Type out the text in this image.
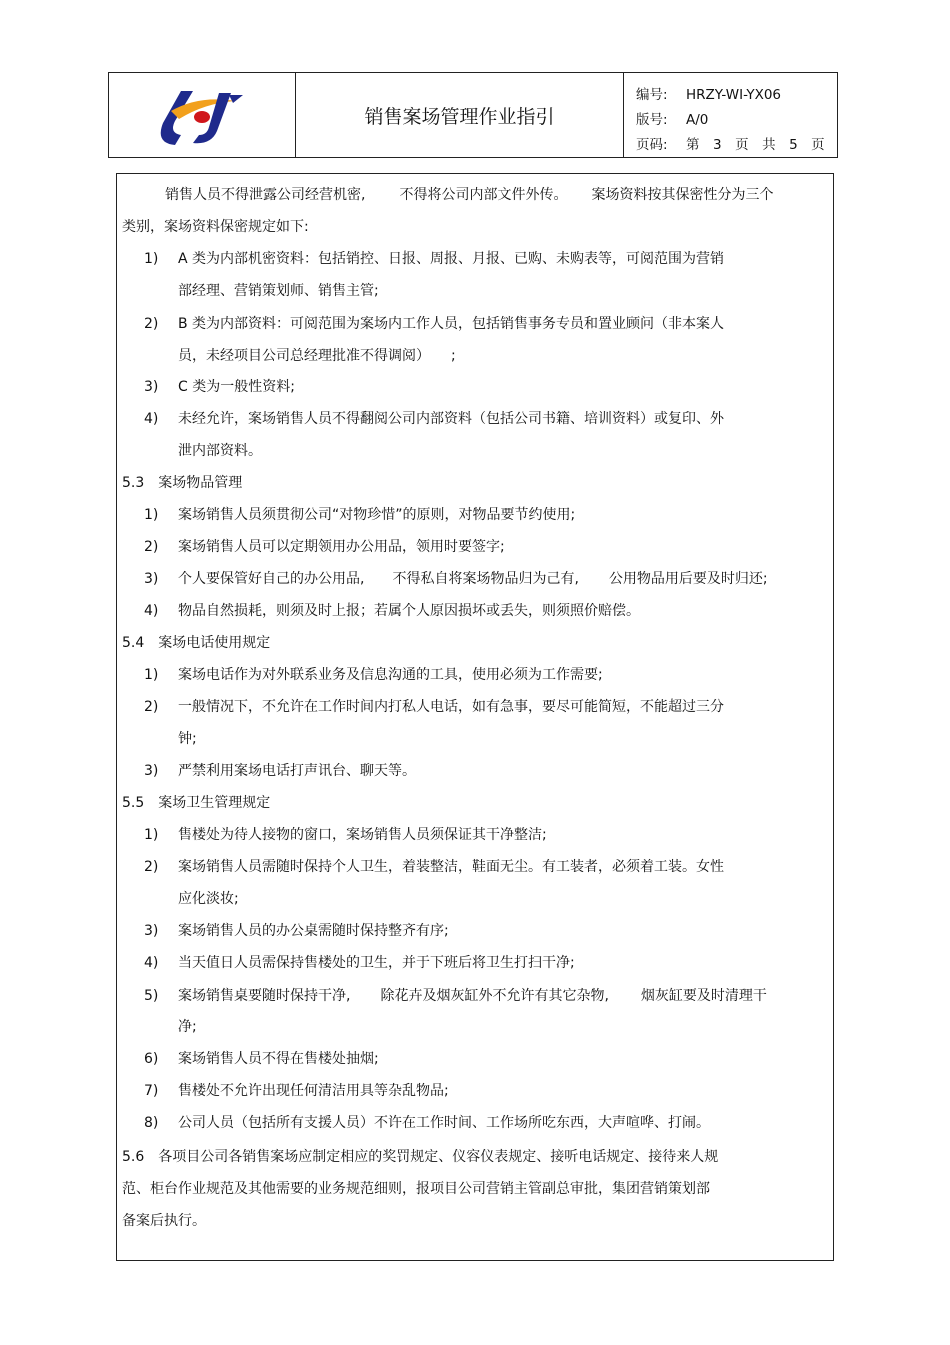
销售案场管理作业指引
编号: HRZY-WI-YX06
版号: A/0
页码: 第　3　页　共　5　页
销售人员不得泄露公司经营机密, 不得将公司内部文件外传。 案场资料按其保密性分为三个
类别，案场资料保密规定如下:
1) A 类为内部机密资料：包括销控、日报、周报、月报、已购、未购表等，可阅范围为营销
部经理、营销策划师、销售主管;
2) B 类为内部资料：可阅范围为案场内工作人员，包括销售事务专员和置业顾问（非本案人
员，未经项目公司总经理批准不得调阅）　　;
3) C 类为一般性资料;
4) 未经允许，案场销售人员不得翻阅公司内部资料（包括公司书籍、培训资料）或复印、外
泄内部资料。
5.3　案场物品管理
1) 案场销售人员须贯彻公司“对物珍惜”的原则，对物品要节约使用;
2) 案场销售人员可以定期领用办公用品，领用时要签字;
3) 个人要保管好自己的办公用品, 不得私自将案场物品归为己有, 公用物品用后要及时归还;
4) 物品自然损耗，则须及时上报；若属个人原因损坏或丢失，则须照价赔偿。
5.4　案场电话使用规定
1) 案场电话作为对外联系业务及信息沟通的工具，使用必须为工作需要;
2) 一般情况下，不允许在工作时间内打私人电话，如有急事，要尽可能简短，不能超过三分
钟;
3) 严禁利用案场电话打声讯台、聊天等。
5.5　案场卫生管理规定
1) 售楼处为待人接物的窗口，案场销售人员须保证其干净整洁;
2) 案场销售人员需随时保持个人卫生，着装整洁，鞋面无尘。有工装者，必须着工装。女性
应化淡妆;
3) 案场销售人员的办公桌需随时保持整齐有序;
4) 当天值日人员需保持售楼处的卫生，并于下班后将卫生打扫干净;
5) 案场销售桌要随时保持干净, 除花卉及烟灰缸外不允许有其它杂物, 烟灰缸要及时清理干
净;
6) 案场销售人员不得在售楼处抽烟;
7) 售楼处不允许出现任何清洁用具等杂乱物品;
8) 公司人员（包括所有支援人员）不许在工作时间、工作场所吃东西，大声喧哗、打闹。
5.6　各项目公司各销售案场应制定相应的奖罚规定、仪容仪表规定、接听电话规定、接待来人规
范、柜台作业规范及其他需要的业务规范细则，报项目公司营销主管副总审批，集团营销策划部
备案后执行。
